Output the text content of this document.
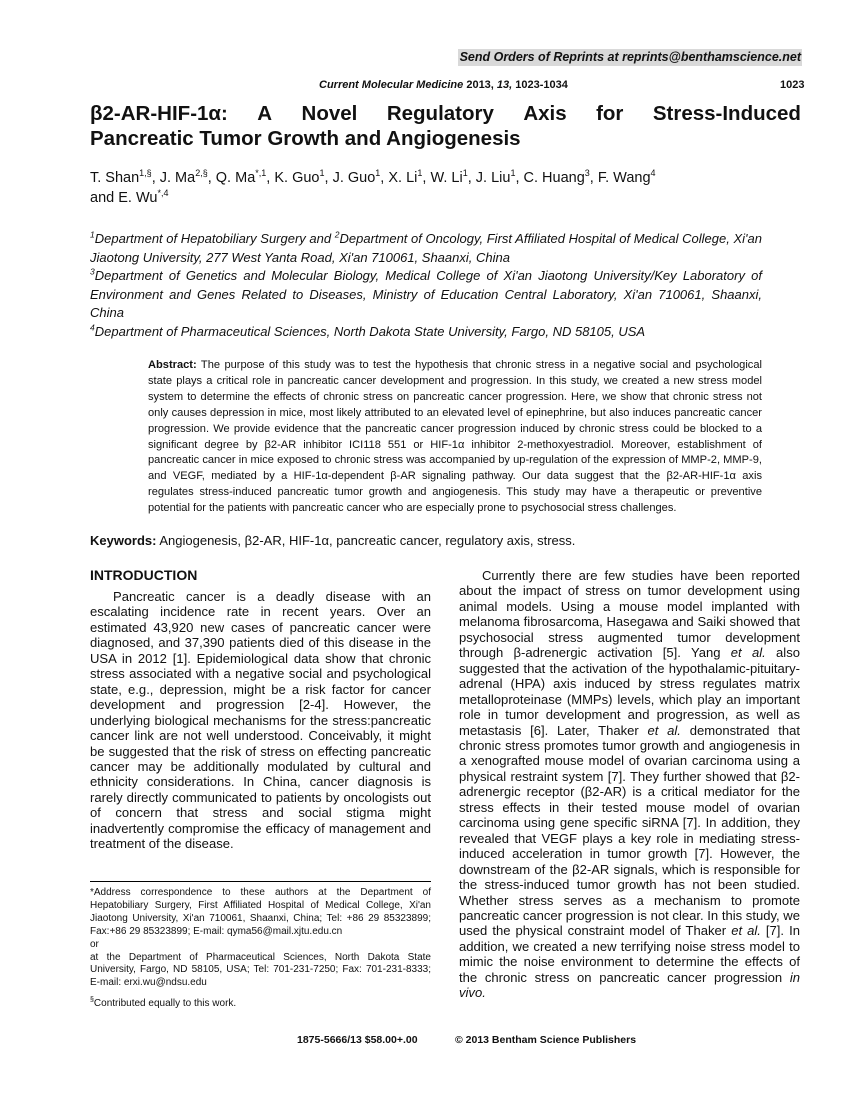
Send Orders of Reprints at reprints@benthamscience.net
Current Molecular Medicine 2013, 13, 1023-1034	1023
β2-AR-HIF-1α: A Novel Regulatory Axis for Stress-Induced
Pancreatic Tumor Growth and Angiogenesis
T. Shan$^{1,\S}$, J. $Ma^{2,\S}$, Q. $Ma^{*,1}$, K. Guo$^1$, J. Guo$^1$, X. Li$^1$, W. Li$^1$, J. Liu$^1$, C. Huang$^3$, F. Wang$^4$
and E. $Wu^{*,4}$
$^1$Department of Hepatobiliary Surgery and $^2$Department of Oncology, First Affiliated Hospital of Medical College, Xi'an Jiaotong University, 277 West Yanta Road, Xi'an 710061, Shaanxi, China
$^3$Department of Genetics and Molecular Biology, Medical College of Xi'an Jiaotong University/Key Laboratory of Environment and Genes Related to Diseases, Ministry of Education Central Laboratory, Xi'an 710061, Shaanxi, China
$^4$Department of Pharmaceutical Sciences, North Dakota State University, Fargo, ND 58105, USA
Abstract: The purpose of this study was to test the hypothesis that chronic stress in a negative social and psychological state plays a critical role in pancreatic cancer development and progression. In this study, we created a new stress model system to determine the effects of chronic stress on pancreatic cancer progression. Here, we show that chronic stress not only causes depression in mice, most likely attributed to an elevated level of epinephrine, but also induces pancreatic cancer progression. We provide evidence that the pancreatic cancer progression induced by chronic stress could be blocked to a significant degree by β2-AR inhibitor ICI118 551 or HIF-1α inhibitor 2-methoxyestradiol. Moreover, establishment of pancreatic cancer in mice exposed to chronic stress was accompanied by up-regulation of the expression of MMP-2, MMP-9, and VEGF, mediated by a HIF-1α-dependent β-AR signaling pathway. Our data suggest that the β2-AR-HIF-1α axis regulates stress-induced pancreatic tumor growth and angiogenesis. This study may have a therapeutic or preventive potential for the patients with pancreatic cancer who are especially prone to psychosocial stress challenges.
Keywords: Angiogenesis, β2-AR, HIF-1α, pancreatic cancer, regulatory axis, stress.
INTRODUCTION

Pancreatic cancer is a deadly disease with an escalating incidence rate in recent years. Over an estimated 43,920 new cases of pancreatic cancer were diagnosed, and 37,390 patients died of this disease in the USA in 2012 [1]. Epidemiological data show that chronic stress associated with a negative social and psychological state, e.g., depression, might be a risk factor for cancer development and progression [2-4]. However, the underlying biological mechanisms for the stress:pancreatic cancer link are not well understood. Conceivably, it might be suggested that the risk of stress on effecting pancreatic cancer may be additionally modulated by cultural and ethnicity considerations. In China, cancer diagnosis is rarely directly communicated to patients by oncologists out of concern that stress and social stigma might inadvertently compromise the efficacy of management and treatment of the disease.

Currently there are few studies have been reported about the impact of stress on tumor development using animal models. Using a mouse model implanted with melanoma fibrosarcoma, Hasegawa and Saiki showed that psychosocial stress augmented tumor development through β-adrenergic activation [5]. Yang et al. also suggested that the activation of the hypothalamic-pituitary-adrenal (HPA) axis induced by stress regulates matrix metalloproteinase (MMPs) levels, which play an important role in tumor development and progression, as well as metastasis [6]. Later, Thaker et al. demonstrated that chronic stress promotes tumor growth and angiogenesis in a xenografted mouse model of ovarian carcinoma using a physical restraint system [7]. They further showed that β2-adrenergic receptor (β2-AR) is a critical mediator for the stress effects in their tested mouse model of ovarian carcinoma using gene specific siRNA [7]. In addition, they revealed that VEGF plays a key role in mediating stress-induced acceleration in tumor growth [7]. However, the downstream of the β2-AR signals, which is responsible for the stress-induced tumor growth has not been studied. Whether stress serves as a mechanism to promote pancreatic cancer progression is not clear. In this study, we used the physical constraint model of Thaker et al. [7]. In addition, we created a new terrifying noise stress model to mimic the noise environment to determine the effects of the chronic stress on pancreatic cancer progression in vivo.

*Address correspondence to these authors at the Department of Hepatobiliary Surgery, First Affiliated Hospital of Medical College, Xi'an Jiaotong University, Xi'an 710061, Shaanxi, China; Tel: +86 29 85323899; Fax:+86 29 85323899; E-mail: qyma56@mail.xjtu.edu.cn
or
at the Department of Pharmaceutical Sciences, North Dakota State University, Fargo, ND 58105, USA; Tel: 701-231-7250; Fax: 701-231-8333; E-mail: erxi.wu@ndsu.edu
§Contributed equally to this work.
1875-5666/13 $58.00+.00	© 2013 Bentham Science Publishers
